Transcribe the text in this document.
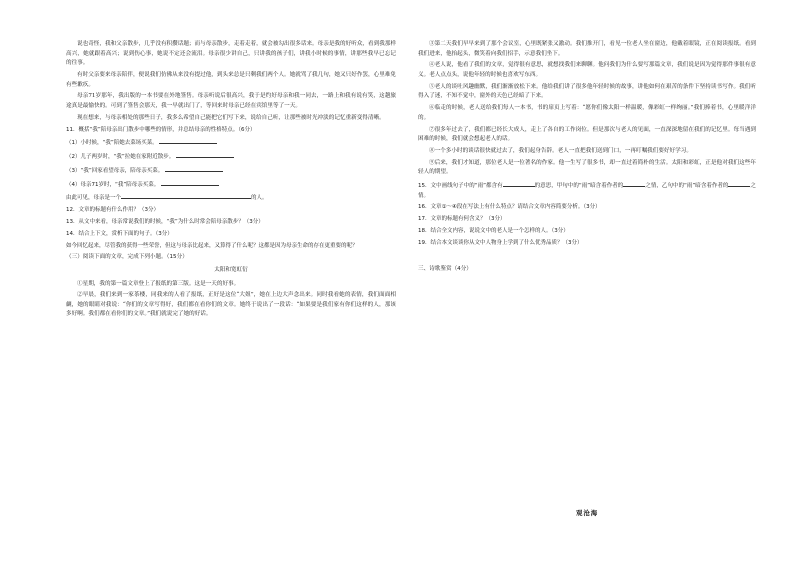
说也奇怪，我和父亲散步，几乎没有积攒话题；而与母亲散步，走着走着，就会被勾出很多话来。母亲是我的好听众，看到我那样高兴，她就跟着高兴；说到伤心事，她说不定还会流泪。母亲很少讲自己，只讲我的孩子们，讲我小时候的事情，讲那些我早已忘记的往事。

有时父亲要来母亲陪伴，便说我们仿佛从来没有提过他，到头来总是只剩我们两个人。她就骂了我几句，她又只好作罢，心里难免有些歉疚。

母亲71岁那年，我出版的一本书要在外地签售。母亲听说后很高兴，我于是约好母亲和我一同去，一路上和我有说有笑，这趟旅途真是最愉快的。可到了签售会那天，我一早就出门了，等回来时母亲已经在宾馆里等了一天。

现在想来，与母亲相处的那些日子，我多么希望自己能把它们写下来，说给自己听，让那些被时光冲淡的记忆重新变得清晰。

11．概括“我”陪母亲出门散步中哪些的情形，并总结母亲的性格特点。（6分）

（1）小时候，“我”陪她去菜场买菜。

（2）儿子两岁时，“我”拉她在家附近散步。

（3）“我”回家看望母亲，陪母亲买菜。

（4）母亲71岁时，“我”陪母亲买菜。

由此可见，母亲是一个	的人。

12．文章的标题有什么作用？（3分）

13．从文中来看，母亲常说我们的时候，“我”为什么时常会陪母亲散步？（3分）

14．结合上下文，赏析下面的句子。（3分）

如今回忆起来，尽管我的获得一些荣誉，但这与母亲比起来，又算得了什么呢？这都是因为母亲生命的存在更重要的呢？

（三）阅读下面的文章，完成下列小题。（15分）

太阳和宽虹衍

①星期，我的第一篇文章登上了报纸的第三版。这是一天的好事。

②早晨，我们来到一家茶楼，同我来的人看了报纸，正好是这位“大姐”，她在上边大声念出来。同时我看她的表情，我们面面相觑，她的眼睛对我说：“你们的文章写得好，我们都在看你们的文章。她终于说出了一段话：“如果要是我们家有你们这样的人，那该多好啊。我们都在看你们的文章。”我们就说完了她的好话。

③第二天我们早早来到了那个会议室，心里既紧张又激动。我们推开门，看见一位老人坐在窗边，他戴着眼镜，正在阅读报纸。看到我们进来，他抬起头，微笑着向我们招手，示意我们坐下。

④老人说，他看了我们的文章，觉得很有意思，就想找我们来聊聊。他问我们为什么要写那篇文章，我们说是因为觉得那件事很有意义。老人点点头，说他年轻的时候也喜欢写东西。

⑤老人的谈吐风趣幽默，我们渐渐放松下来。他给我们讲了很多他年轻时候的故事，讲他如何在艰苦的条件下坚持读书写作。我们听得入了迷，不知不觉中，窗外的天色已经暗了下来。

⑥临走的时候，老人送给我们每人一本书，书的扉页上写着：“愿你们像太阳一样温暖，像彩虹一样绚丽。”我们捧着书，心里暖洋洋的。

⑦很多年过去了，我们都已经长大成人，走上了各自的工作岗位。但是那次与老人的见面，一直深深地留在我们的记忆里。每当遇到困难的时候，我们就会想起老人的话。

⑧一个多小时的谈话很快就过去了，我们起身告辞。老人一直把我们送到门口，一再叮嘱我们要好好学习。

⑨后来，我们才知道，那位老人是一位著名的作家。他一生写了很多书，却一直过着简朴的生活。太阳和彩虹，正是他对我们这些年轻人的期望。

15．文中画线句子中的“雨”都含有	的意思，甲句中的“雨”暗含着作者的	之情，乙句中的“雨”暗含着作者的	之情。

16．文章①～④段在写法上有什么特点？请结合文章内容简要分析。（3分）

17．文章的标题有何含义？（3分）

18．结合全文内容，说说文中的老人是一个怎样的人。（3分）

19．结合本文谈谈你从文中人物身上学到了什么优秀品质？（3分）

三、诗歌鉴赏（4分）

观沧海
